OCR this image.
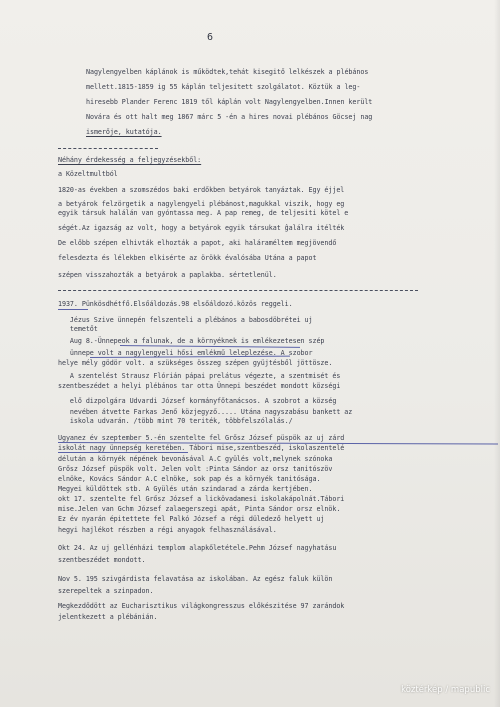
6
Nagylengyelben káplánok is működtek,tehát kisegitő lelkészek a plébános
mellett.1815-1859 ig 55 káplán teljesitett szolgálatot. Köztük a leg-
hiresebb Plander Ferenc 1819 től káplán volt Nagylengyelben.Innen került
Novára és ott halt meg 1867 márc 5 -én a hires novai plébános Göcsej nag
ismerője, kutatója.
Néhány érdekesség a feljegyzésekből:
a Közeltmultból
1820-as években a szomszédos baki erdőkben betyárok tanyáztak. Egy éjjel
a betyárok felzörgetik a nagylengyeli plébánost,magukkal viszik, hogy eg
egyik társuk halálán van gyóntassa meg. A pap remeg, de teljesiti kötel e
ségét.Az igazság az volt, hogy a betyárok egyik társukat ĝalálra itélték
De előbb szépen elhivták elhozták a papot, aki haláraméltem megjövendő
felesdezta és lélekben elkisérte az örökk évalósába Utána a papot
szépen visszahozták a betyárok a paplakba. sértetlenül.
1937. Pünkösdhétfő.Elsőáldozás.98 elsőáldozó.közös reggeli.
Jézus Szive ünnepén felszenteli a plébános a babosdöbrétei uj
temetőt
Aug 8.-Ünnepeok a falunak, de a környéknek is emlékezetesen szép
ünnepe volt a nagylengyeli hősi emlékmű leleplezése. A szobor
helye mély gödör volt. a szükséges összeg szépen gyüjtésből jöttösze.
A szentelést Strausz Flórián pápai prelátus végezte, a szentmisét és
szentbeszédet a helyi plébános tar otta Ünnepi beszédet mondott községi
elő dizpolgára Udvardi József kormányfőtanácsos. A szobrot a község
nevében átvette Farkas Jenő közjegyző..... Utána nagyszabásu bankett az
iskola udvarán. /több mint 70 teriték, többfelszólalás./
Ugyanez év szeptember 5.-én szentelte fel Grősz József püspök az uj zárd
iskolát nagy ünnepség keretében. Tábori mise,szentbeszéd, iskolaszentelé
délután a környék népének bevonásával A.C gyülés volt,melynek szónoka
Grősz József püspök volt. Jelen volt :Pinta Sándor az orsz tanitószöv
elnöke, Kovács Sándor A.C elnöke, sok pap és a környék tanitósága.
Megyei küldöttek stb. A Gyülés után szindarad a zárda kertjében.
okt 17. szentelte fel Grősz József a lickövadamesi iskolakápolnát.Tábori
mise.Jelen van Gchm József zalaegerszegi apát, Pinta Sándor orsz elnök.
Ez év nyarán épitettete fel Palkó József a régi düledező helyett uj
hegyi hajlékot részben a régi anyagok felhasználásával.
Okt 24. Az uj gellénházi templom alapkőletétele.Pehm József nagyhatásu
szentbeszédet mondott.
Nov 5. 195 szivgárdista felavatása az iskolában. Az egész faluk külön
szerepeltek a szinpadon.
Megkezdődött az Eucharisztikus világkongresszus előkészitése 97 zarándok
jelentkezett a plébánián.
köztérkép / mapublic
